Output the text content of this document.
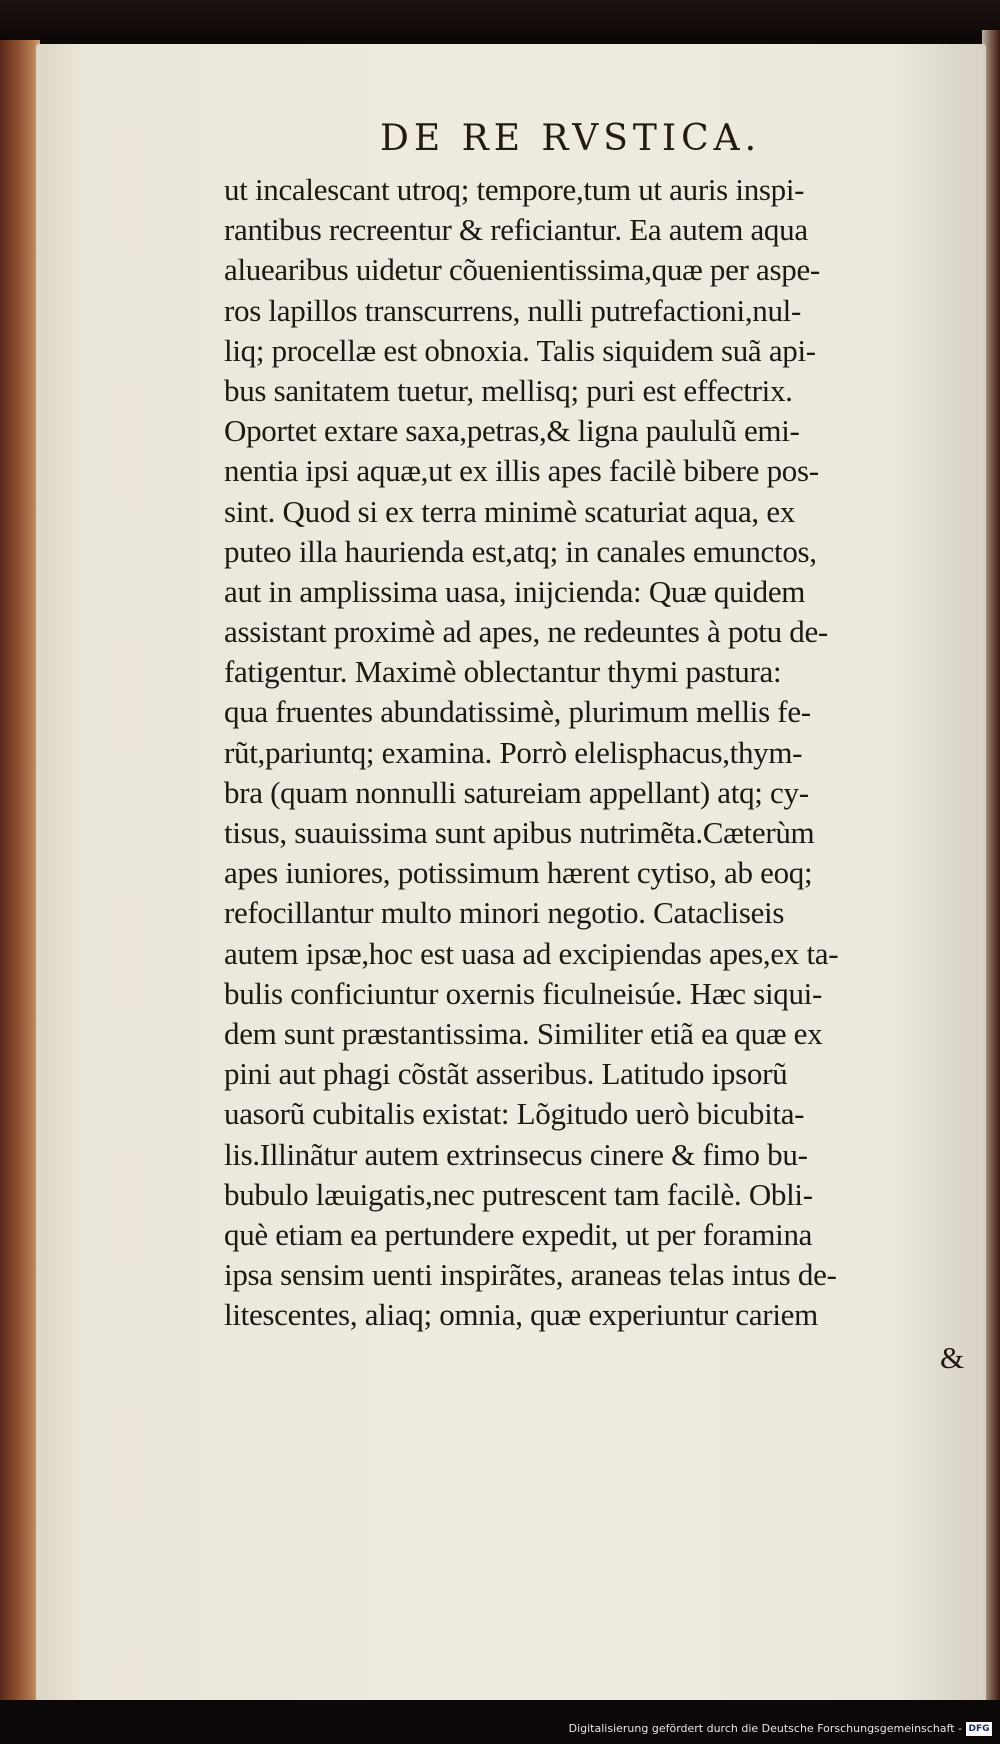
DE RE RVSTICA.
ut incalescant utroq; tempore,tum ut auris inspi-
rantibus recreentur & reficiantur. Ea autem aqua
aluearibus uidetur cõuenientissima,quæ per aspe-
ros lapillos transcurrens, nulli putrefactioni,nul-
liq; procellæ est obnoxia. Talis siquidem suã api-
bus sanitatem tuetur, mellisq; puri est effectrix.
Oportet extare saxa,petras,& ligna paululũ emi-
nentia ipsi aquæ,ut ex illis apes facilè bibere pos-
sint. Quod si ex terra minimè scaturiat aqua, ex
puteo illa haurienda est,atq; in canales emunctos,
aut in amplissima uasa, inijcienda: Quæ quidem
assistant proximè ad apes, ne redeuntes à potu de-
fatigentur. Maximè oblectantur thymi pastura:
qua fruentes abundatissimè, plurimum mellis fe-
rũt,pariuntq; examina. Porrò elelisphacus,thym-
bra (quam nonnulli satureiam appellant) atq; cy-
tisus, suauissima sunt apibus nutrimẽta.Cæterùm
apes iuniores, potissimum hærent cytiso, ab eoq;
refocillantur multo minori negotio. Catacliseis
autem ipsæ,hoc est uasa ad excipiendas apes,ex ta-
bulis conficiuntur oxernis ficulneisúe. Hæc siqui-
dem sunt præstantissima. Similiter etiã ea quæ ex
pini aut phagi cõstãt asseribus. Latitudo ipsorũ
uasorũ cubitalis existat: Lõgitudo uerò bicubita-
lis.Illinãtur autem extrinsecus cinere & fimo bu-
bubulo læuigatis,nec putrescent tam facilè. Obli-
què etiam ea pertundere expedit, ut per foramina
ipsa sensim uenti inspirãtes, araneas telas intus de-
litescentes, aliaq; omnia, quæ experiuntur cariem
&
Digitalisierung gefördert durch die Deutsche Forschungsgemeinschaft - DFG
